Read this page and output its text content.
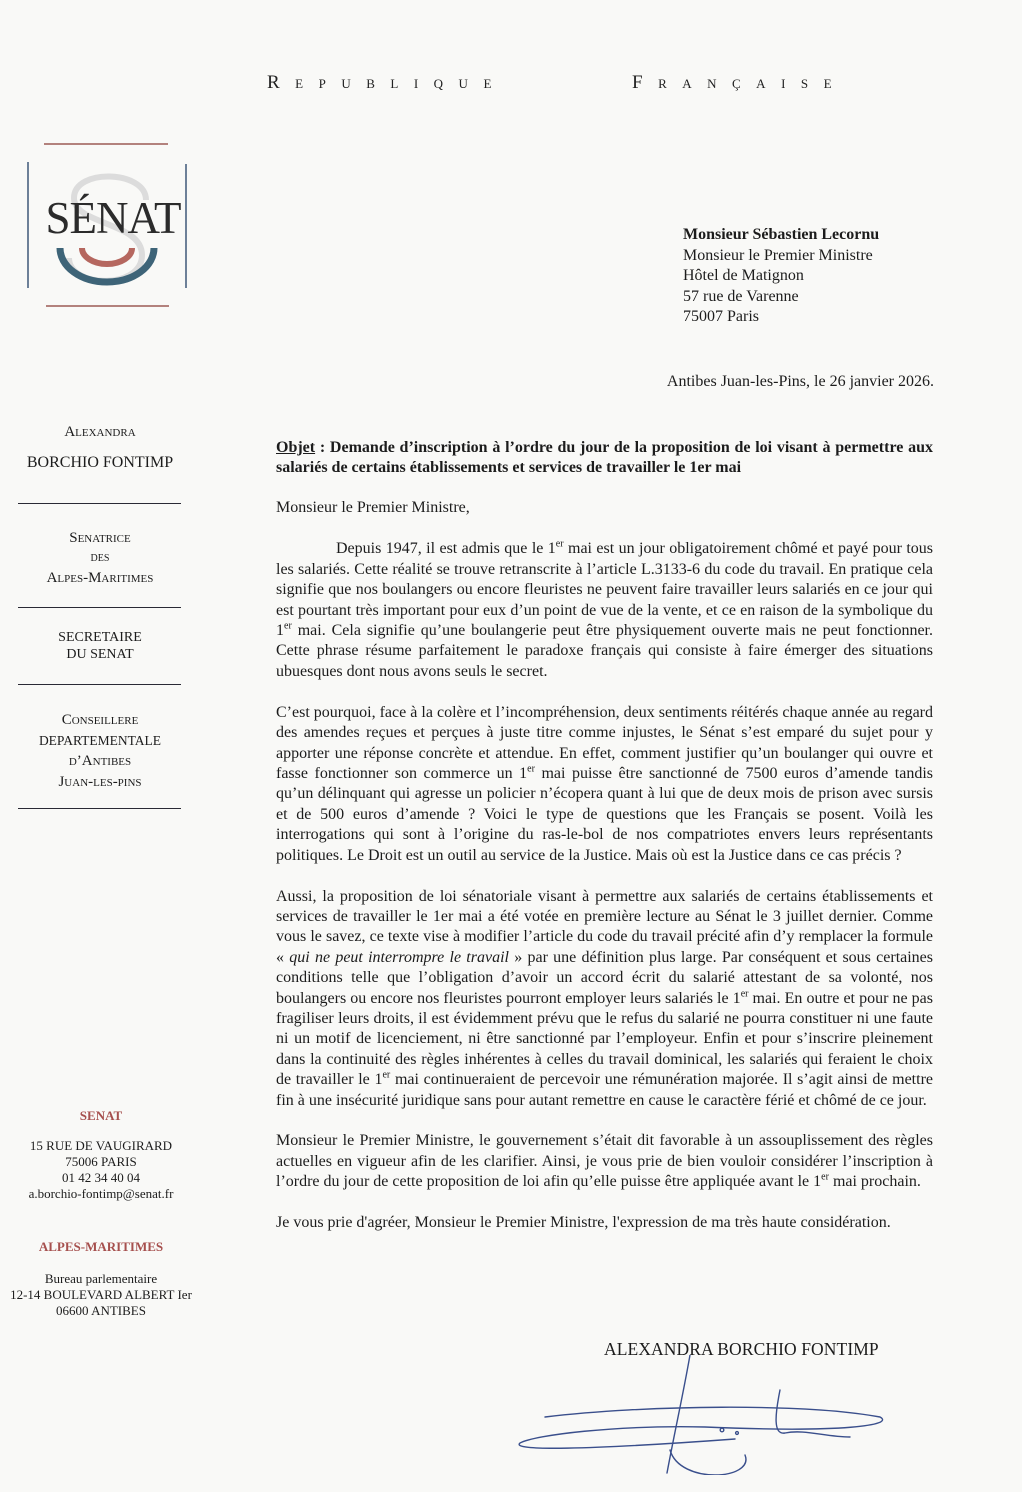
Republique	Française
SÉNAT
Alexandra
BORCHIO FONTIMP
Senatrice
des
Alpes-Maritimes
SECRETAIRE
DU SENAT
Conseillere
DEPARTEMENTALE
d’Antibes
Juan-les-pins
SENAT
15 RUE DE VAUGIRARD
75006 PARIS
01 42 34 40 04
a.borchio-fontimp@senat.fr
ALPES-MARITIMES
Bureau parlementaire
12-14 BOULEVARD ALBERT Ier
06600 ANTIBES
Monsieur Sébastien Lecornu
Monsieur le Premier Ministre
Hôtel de Matignon
57 rue de Varenne
75007 Paris
Antibes Juan-les-Pins, le 26 janvier 2026.
Objet : Demande d’inscription à l’ordre du jour de la proposition de loi visant à permettre aux salariés de certains établissements et services de travailler le 1er mai
Monsieur le Premier Ministre,
Depuis 1947, il est admis que le 1er mai est un jour obligatoirement chômé et payé pour tous les salariés. Cette réalité se trouve retranscrite à l’article L.3133-6 du code du travail. En pratique cela signifie que nos boulangers ou encore fleuristes ne peuvent faire travailler leurs salariés en ce jour qui est pourtant très important pour eux d’un point de vue de la vente, et ce en raison de la symbolique du 1er mai. Cela signifie qu’une boulangerie peut être physiquement ouverte mais ne peut fonctionner. Cette phrase résume parfaitement le paradoxe français qui consiste à faire émerger des situations ubuesques dont nous avons seuls le secret.
C’est pourquoi, face à la colère et l’incompréhension, deux sentiments réitérés chaque année au regard des amendes reçues et perçues à juste titre comme injustes, le Sénat s’est emparé du sujet pour y apporter une réponse concrète et attendue. En effet, comment justifier qu’un boulanger qui ouvre et fasse fonctionner son commerce un 1er mai puisse être sanctionné de 7500 euros d’amende tandis qu’un délinquant qui agresse un policier n’écopera quant à lui que de deux mois de prison avec sursis et de 500 euros d’amende ? Voici le type de questions que les Français se posent. Voilà les interrogations qui sont à l’origine du ras-le-bol de nos compatriotes envers leurs représentants politiques. Le Droit est un outil au service de la Justice. Mais où est la Justice dans ce cas précis ?
Aussi, la proposition de loi sénatoriale visant à permettre aux salariés de certains établissements et services de travailler le 1er mai a été votée en première lecture au Sénat le 3 juillet dernier. Comme vous le savez, ce texte vise à modifier l’article du code du travail précité afin d’y remplacer la formule « qui ne peut interrompre le travail » par une définition plus large. Par conséquent et sous certaines conditions telle que l’obligation d’avoir un accord écrit du salarié attestant de sa volonté, nos boulangers ou encore nos fleuristes pourront employer leurs salariés le 1er mai. En outre et pour ne pas fragiliser leurs droits, il est évidemment prévu que le refus du salarié ne pourra constituer ni une faute ni un motif de licenciement, ni être sanctionné par l’employeur. Enfin et pour s’inscrire pleinement dans la continuité des règles inhérentes à celles du travail dominical, les salariés qui feraient le choix de travailler le 1er mai continueraient de percevoir une rémunération majorée. Il s’agit ainsi de mettre fin à une insécurité juridique sans pour autant remettre en cause le caractère férié et chômé de ce jour.
Monsieur le Premier Ministre, le gouvernement s’était dit favorable à un assouplissement des règles actuelles en vigueur afin de les clarifier. Ainsi, je vous prie de bien vouloir considérer l’inscription à l’ordre du jour de cette proposition de loi afin qu’elle puisse être appliquée avant le 1er mai prochain.
Je vous prie d'agréer, Monsieur le Premier Ministre, l'expression de ma très haute considération.
ALEXANDRA BORCHIO FONTIMP
